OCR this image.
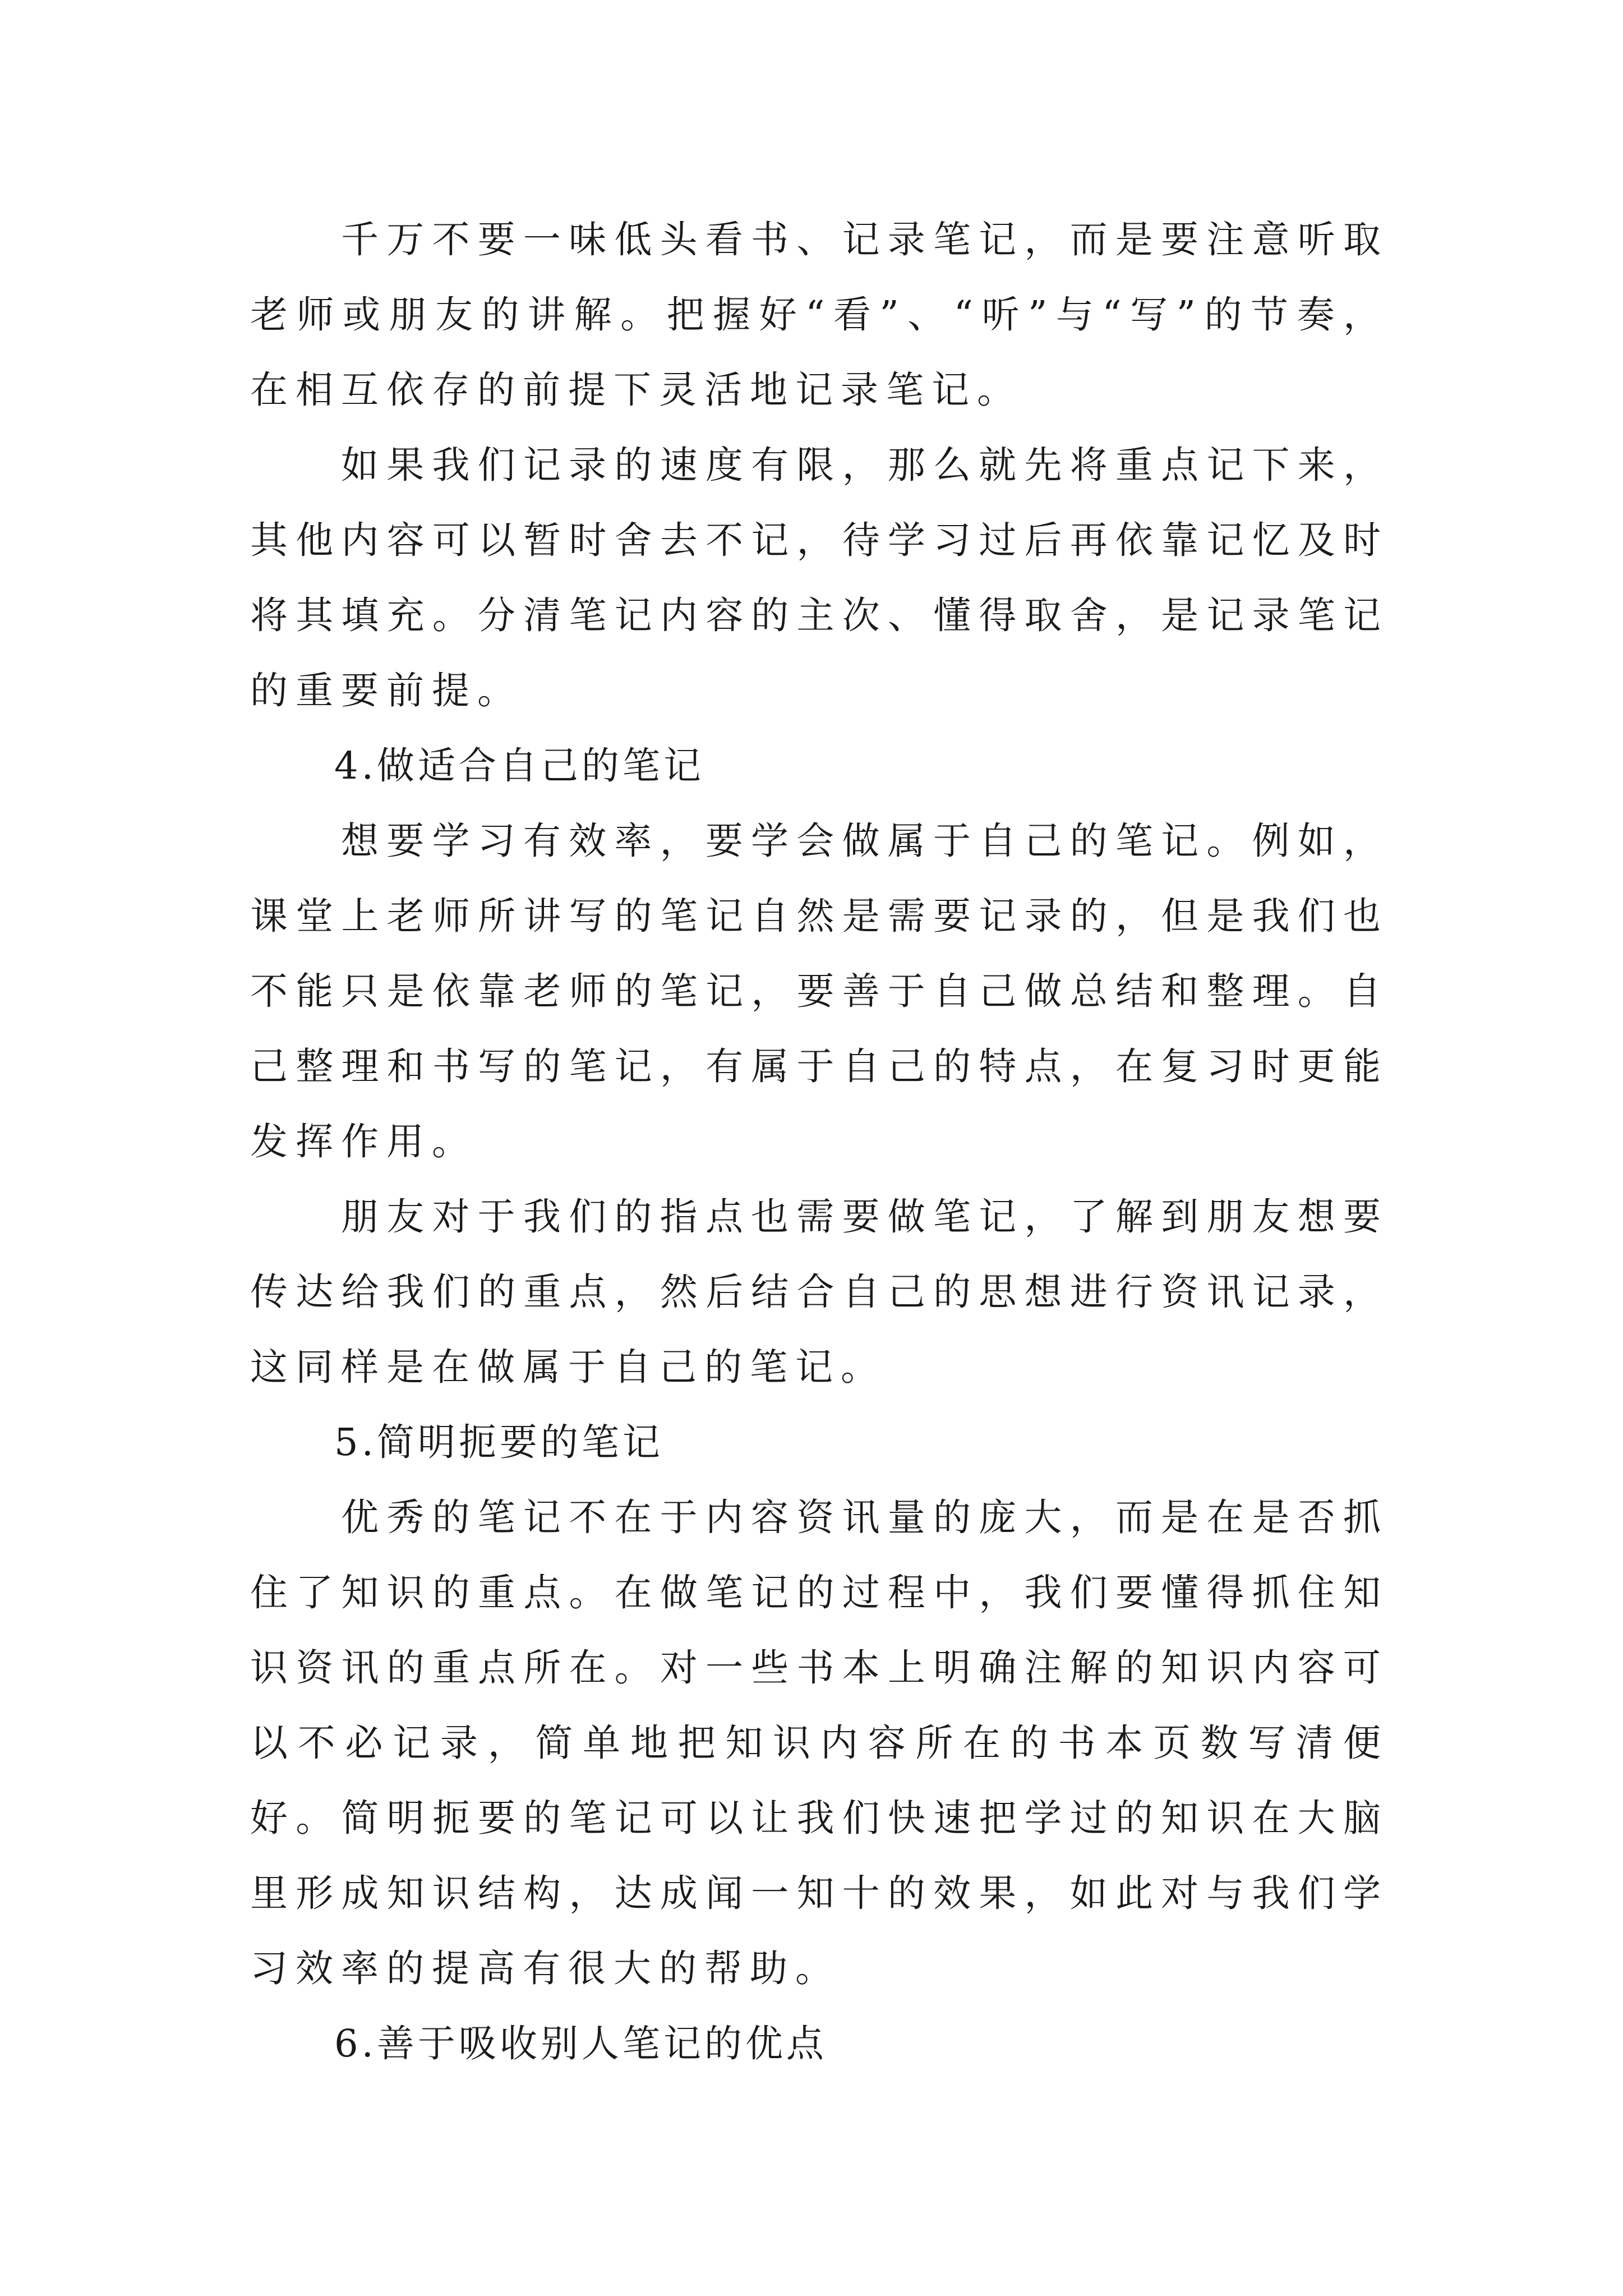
千万不要一味低头看书、记录笔记，而是要注意听取老师或朋友的讲解。把握好“看”、“听”与“写”的节奏，在相互依存的前提下灵活地记录笔记。

如果我们记录的速度有限，那么就先将重点记下来，其他内容可以暂时舍去不记，待学习过后再依靠记忆及时将其填充。分清笔记内容的主次、懂得取舍，是记录笔记的重要前提。

4.做适合自己的笔记

想要学习有效率，要学会做属于自己的笔记。例如，课堂上老师所讲写的笔记自然是需要记录的，但是我们也不能只是依靠老师的笔记，要善于自己做总结和整理。自己整理和书写的笔记，有属于自己的特点，在复习时更能发挥作用。

朋友对于我们的指点也需要做笔记，了解到朋友想要传达给我们的重点，然后结合自己的思想进行资讯记录，这同样是在做属于自己的笔记。

5.简明扼要的笔记

优秀的笔记不在于内容资讯量的庞大，而是在是否抓住了知识的重点。在做笔记的过程中，我们要懂得抓住知识资讯的重点所在。对一些书本上明确注解的知识内容可以不必记录，简单地把知识内容所在的书本页数写清便好。简明扼要的笔记可以让我们快速把学过的知识在大脑里形成知识结构，达成闻一知十的效果，如此对与我们学习效率的提高有很大的帮助。

6.善于吸收别人笔记的优点
